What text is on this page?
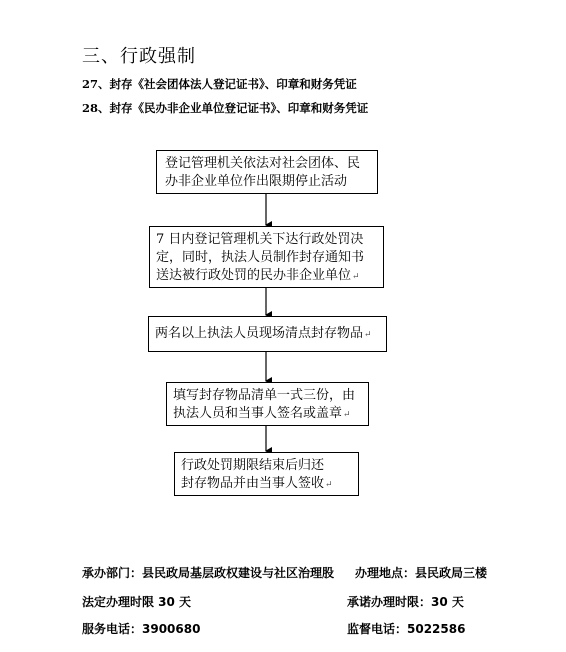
三、行政强制
27、封存《社会团体法人登记证书》、印章和财务凭证
28、封存《民办非企业单位登记证书》、印章和财务凭证
登记管理机关依法对社会团体、民
办非企业单位作出限期停止活动
7 日内登记管理机关下达行政处罚决
定，同时，执法人员制作封存通知书
送达被行政处罚的民办非企业单位↵
两名以上执法人员现场清点封存物品↵
填写封存物品清单一式三份，由
执法人员和当事人签名或盖章↵
行政处罚期限结束后归还
封存物品并由当事人签收↵
承办部门：县民政局基层政权建设与社区治理股 办理地点：县民政局三楼
法定办理时限 30 天	承诺办理时限：30 天
服务电话：3900680	监督电话：5022586
